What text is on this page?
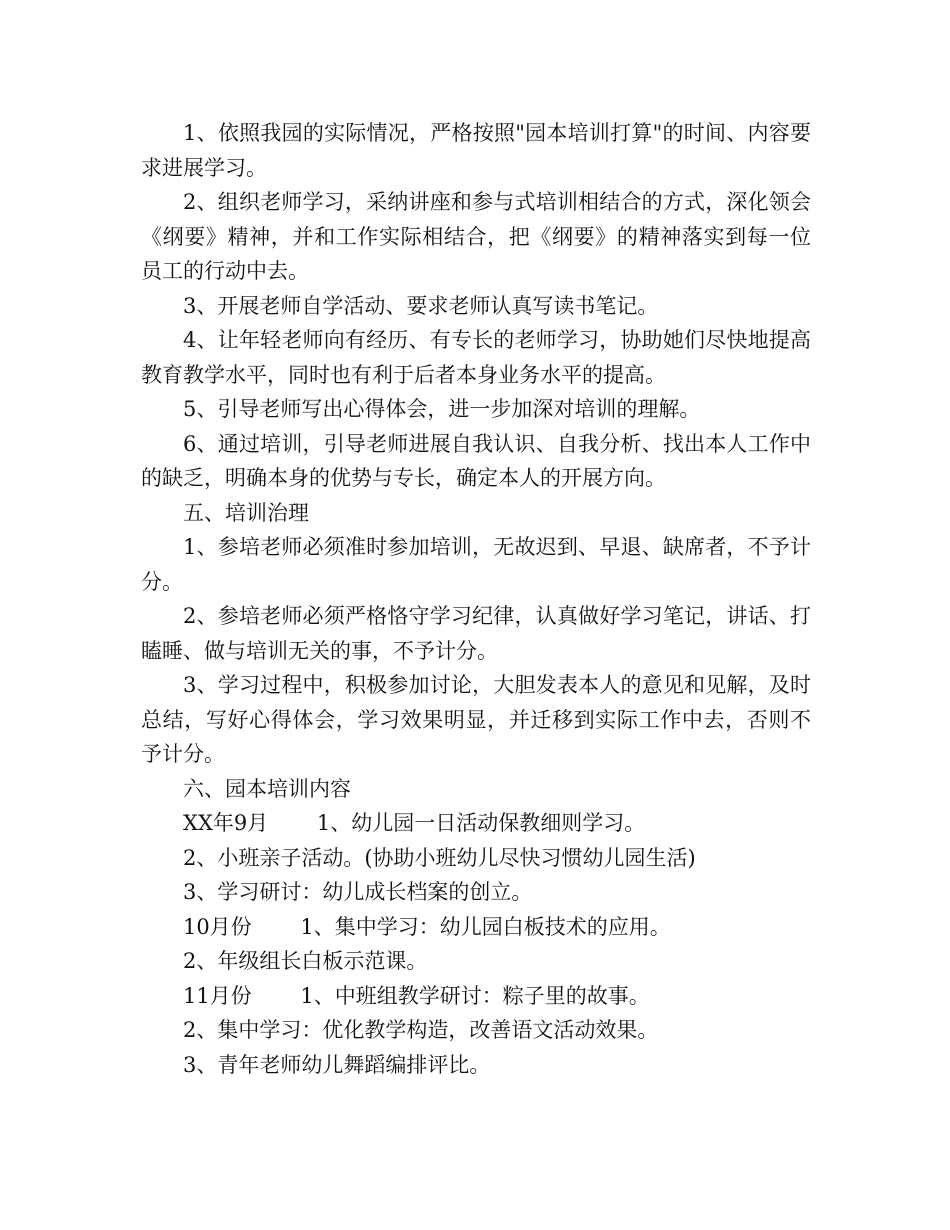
1、依照我园的实际情况，严格按照"园本培训打算"的时间、内容要求进展学习。

2、组织老师学习，采纳讲座和参与式培训相结合的方式，深化领会《纲要》精神，并和工作实际相结合，把《纲要》的精神落实到每一位员工的行动中去。

3、开展老师自学活动、要求老师认真写读书笔记。

4、让年轻老师向有经历、有专长的老师学习，协助她们尽快地提高教育教学水平，同时也有利于后者本身业务水平的提高。

5、引导老师写出心得体会，进一步加深对培训的理解。

6、通过培训，引导老师进展自我认识、自我分析、找出本人工作中的缺乏，明确本身的优势与专长，确定本人的开展方向。

五、培训治理

1、参培老师必须准时参加培训，无故迟到、早退、缺席者，不予计分。

2、参培老师必须严格恪守学习纪律，认真做好学习笔记，讲话、打瞌睡、做与培训无关的事，不予计分。

3、学习过程中，积极参加讨论，大胆发表本人的意见和见解，及时总结，写好心得体会，学习效果明显，并迁移到实际工作中去，否则不予计分。

六、园本培训内容

XX年9月　　 1、幼儿园一日活动保教细则学习。

2、小班亲子活动。(协助小班幼儿尽快习惯幼儿园生活)

3、学习研讨：幼儿成长档案的创立。

10月份　　 1、集中学习：幼儿园白板技术的应用。

2、年级组长白板示范课。

11月份　　 1、中班组教学研讨：粽子里的故事。

2、集中学习：优化教学构造，改善语文活动效果。

3、青年老师幼儿舞蹈编排评比。
